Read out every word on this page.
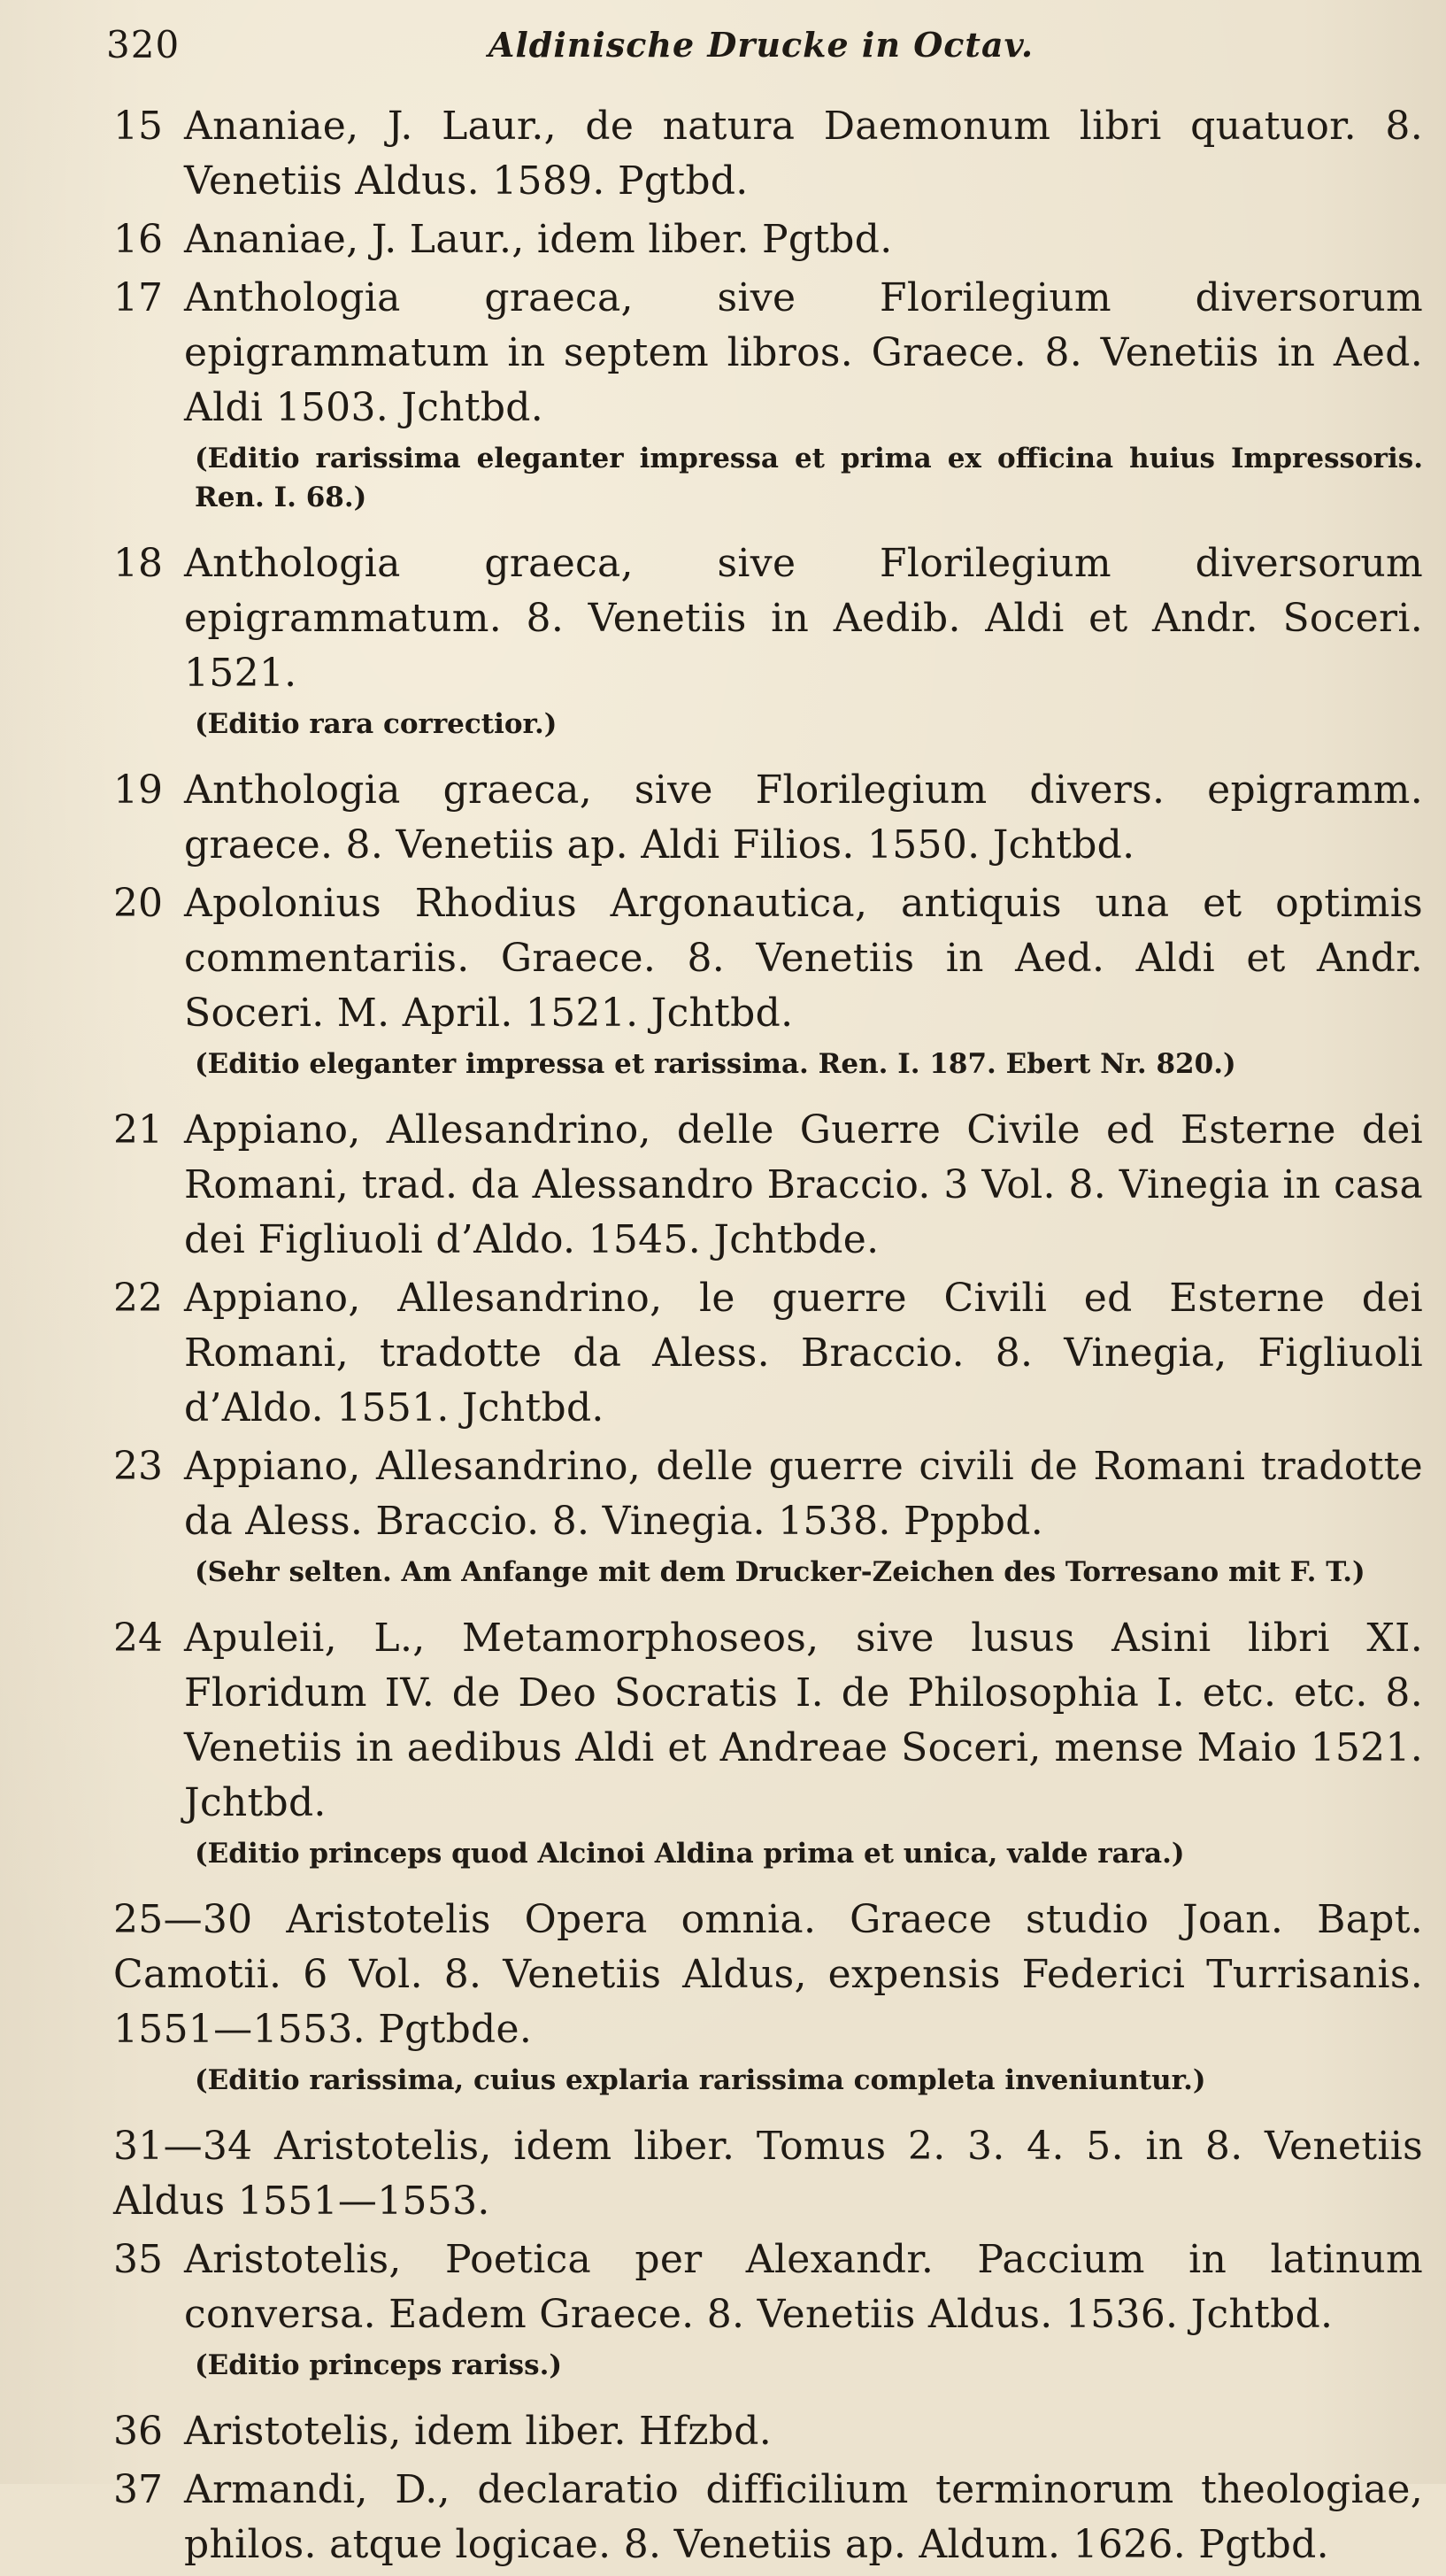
320	Aldinische Drucke in Octav.
15 Ananiae, J. Laur., de natura Daemonum libri quatuor. 8. Venetiis Aldus. 1589. Pgtbd.
16 Ananiae, J. Laur., idem liber. Pgtbd.
17 Anthologia graeca, sive Florilegium diversorum epigrammatum in septem libros. Graece. 8. Venetiis in Aed. Aldi 1503. Jchtbd.
(Editio rarissima eleganter impressa et prima ex officina huius Impressoris. Ren. I. 68.)
18 Anthologia graeca, sive Florilegium diversorum epigrammatum. 8. Venetiis in Aedib. Aldi et Andr. Soceri. 1521.
(Editio rara correctior.)
19 Anthologia graeca, sive Florilegium divers. epigramm. graece. 8. Venetiis ap. Aldi Filios. 1550. Jchtbd.
20 Apolonius Rhodius Argonautica, antiquis una et optimis commentariis. Graece. 8. Venetiis in Aed. Aldi et Andr. Soceri. M. April. 1521. Jchtbd.
(Editio eleganter impressa et rarissima. Ren. I. 187. Ebert Nr. 820.)
21 Appiano, Allesandrino, delle Guerre Civile ed Esterne dei Romani, trad. da Alessandro Braccio. 3 Vol. 8. Vinegia in casa dei Figliuoli d’Aldo. 1545. Jchtbde.
22 Appiano, Allesandrino, le guerre Civili ed Esterne dei Romani, tradotte da Aless. Braccio. 8. Vinegia, Figliuoli d’Aldo. 1551. Jchtbd.
23 Appiano, Allesandrino, delle guerre civili de Romani tradotte da Aless. Braccio. 8. Vinegia. 1538. Pppbd.
(Sehr selten. Am Anfange mit dem Drucker-Zeichen des Torresano mit F. T.)
24 Apuleii, L., Metamorphoseos, sive lusus Asini libri XI. Floridum IV. de Deo Socratis I. de Philosophia I. etc. etc. 8. Venetiis in aedibus Aldi et Andreae Soceri, mense Maio 1521. Jchtbd.
(Editio princeps quod Alcinoi Aldina prima et unica, valde rara.)
25—30 Aristotelis Opera omnia. Graece studio Joan. Bapt. Camotii. 6 Vol. 8. Venetiis Aldus, expensis Federici Turrisanis. 1551—1553. Pgtbde.
(Editio rarissima, cuius explaria rarissima completa inveniuntur.)
31—34 Aristotelis, idem liber. Tomus 2. 3. 4. 5. in 8. Venetiis Aldus 1551—1553.
35 Aristotelis, Poetica per Alexandr. Paccium in latinum conversa. Eadem Graece. 8. Venetiis Aldus. 1536. Jchtbd.
(Editio princeps rariss.)
36 Aristotelis, idem liber. Hfzbd.
37 Armandi, D., declaratio difficilium terminorum theologiae, philos. atque logicae. 8. Venetiis ap. Aldum. 1626. Pgtbd.
